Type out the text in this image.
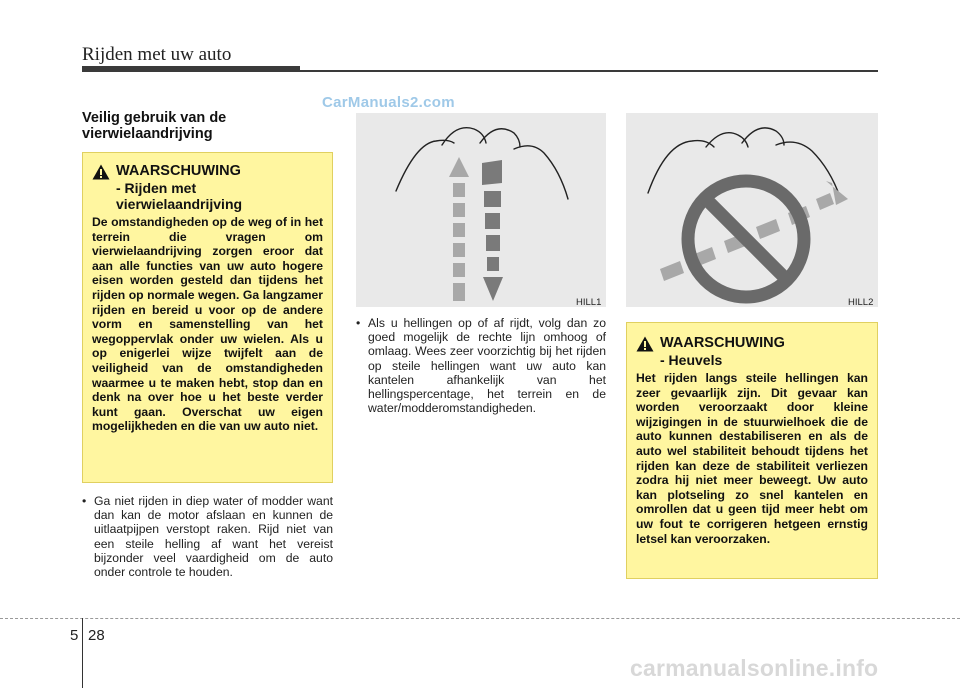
Rijden met uw auto
CarManuals2.com
Veilig gebruik van de vierwielaandrijving
WAARSCHUWING
- Rijden met vierwielaandrijving
De omstandigheden op de weg of in het terrein die vragen om vierwielaandrijving zorgen eroor dat aan alle functies van uw auto hogere eisen worden gesteld dan tijdens het rijden op normale wegen. Ga langzamer rijden en bereid u voor op de andere vorm en samenstelling van het wegoppervlak onder uw wielen. Als u op enigerlei wijze twijfelt aan de veiligheid van de omstandigheden waarmee u te maken hebt, stop dan en denk na over hoe u het beste verder kunt gaan. Overschat uw eigen mogelijkheden en die van uw auto niet.
• Ga niet rijden in diep water of modder want dan kan de motor afslaan en kunnen de uitlaatpijpen verstopt raken. Rijd niet van een steile helling af want het vereist bijzonder veel vaardigheid om de auto onder controle te houden.
HILL1
• Als u hellingen op of af rijdt, volg dan zo goed mogelijk de rechte lijn omhoog of omlaag. Wees zeer voorzichtig bij het rijden op steile hellingen want uw auto kan kantelen afhankelijk van het hellingspercentage, het terrein en de water/modderomstandigheden.
HILL2
WAARSCHUWING
- Heuvels
Het rijden langs steile hellingen kan zeer gevaarlijk zijn. Dit gevaar kan worden veroorzaakt door kleine wijzigingen in de stuurwielhoek die de auto kunnen destabiliseren en als de auto wel stabiliteit behoudt tijdens het rijden kan deze de stabiliteit verliezen zodra hij niet meer beweegt. Uw auto kan plotseling zo snel kantelen en omrollen dat u geen tijd meer hebt om uw fout te corrigeren hetgeen ernstig letsel kan veroorzaken.
5 28
carmanualsonline.info
